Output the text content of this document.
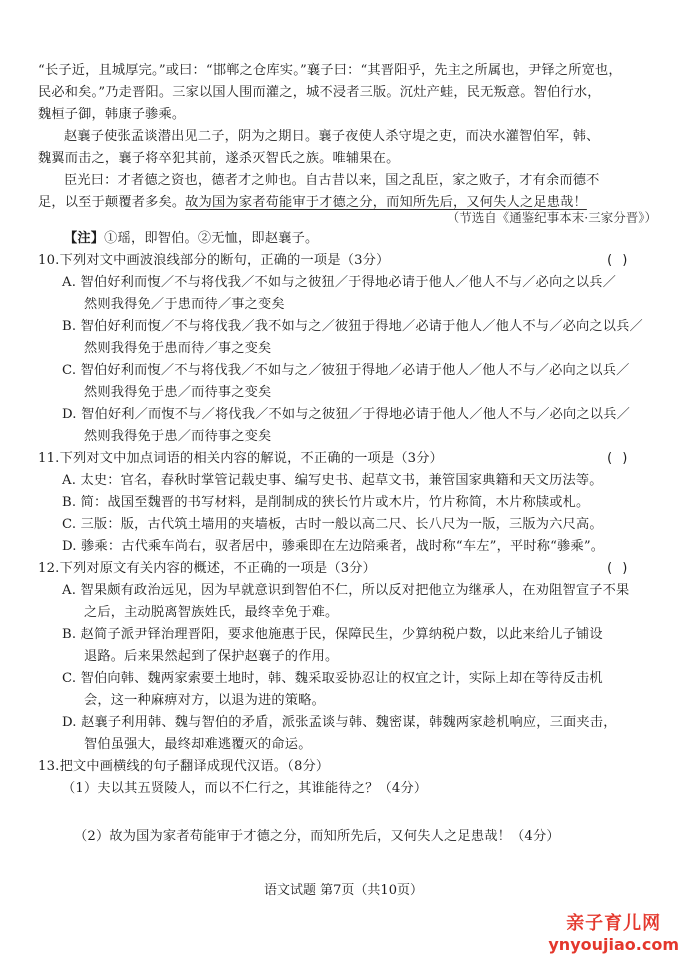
“长子近，且城厚完。”或曰：“邯郸之仓库实。”襄子曰：“其晋阳乎，先主之所属也，尹铎之所宽也，
民必和矣。”乃走晋阳。三家以国人围而灌之，城不浸者三版。沉灶产蛙，民无叛意。智伯行水，
魏桓子御，韩康子骖乘。
赵襄子使张孟谈潜出见二子，阴为之期日。襄子夜使人杀守堤之吏，而决水灌智伯军，韩、
魏翼而击之，襄子将卒犯其前，遂杀灭智氏之族。唯辅果在。
臣光曰：才者德之资也，德者才之帅也。自古昔以来，国之乱臣，家之败子，才有余而德不
足，以至于颠覆者多矣。故为国为家者苟能审于才德之分，而知所先后，又何失人之足患哉！
（节选自《通鉴纪事本末·三家分晋》）
【注】①瑶，即智伯。②无恤，即赵襄子。
10.下列对文中画波浪线部分的断句，正确的一项是（3分）	( )
A. 智伯好利而愎／不与将伐我／不如与之彼狃／于得地必请于他人／他人不与／必向之以兵／
然则我得免／于患而待／事之变矣
B. 智伯好利而愎／不与将伐我／我不如与之／彼狃于得地／必请于他人／他人不与／必向之以兵／
然则我得免于患而待／事之变矣
C. 智伯好利而愎／不与将伐我／不如与之／彼狃于得地／必请于他人／他人不与／必向之以兵／
然则我得免于患／而待事之变矣
D. 智伯好利／而愎不与／将伐我／不如与之彼狃／于得地必请于他人／他人不与／必向之以兵／
然则我得免于患／而待事之变矣
11.下列对文中加点词语的相关内容的解说，不正确的一项是（3分）	( )
A. 太史：官名，春秋时掌管记载史事、编写史书、起草文书，兼管国家典籍和天文历法等。
B. 简：战国至魏晋的书写材料，是削制成的狭长竹片或木片，竹片称简，木片称牍或札。
C. 三版：版，古代筑土墙用的夹墙板，古时一般以高二尺、长八尺为一版，三版为六尺高。
D. 骖乘：古代乘车尚右，驭者居中，骖乘即在左边陪乘者，战时称“车左”，平时称“骖乘”。
12.下列对原文有关内容的概述，不正确的一项是（3分）	( )
A. 智果颇有政治远见，因为早就意识到智伯不仁，所以反对把他立为继承人，在劝阻智宣子不果
之后，主动脱离智族姓氏，最终幸免于难。
B. 赵简子派尹铎治理晋阳，要求他施惠于民，保障民生，少算纳税户数，以此来给儿子铺设
退路。后来果然起到了保护赵襄子的作用。
C. 智伯向韩、魏两家索要土地时，韩、魏采取妥协忍让的权宜之计，实际上却在等待反击机
会，这一种麻痹对方，以退为进的策略。
D. 赵襄子利用韩、魏与智伯的矛盾，派张孟谈与韩、魏密谋，韩魏两家趁机响应，三面夹击，
智伯虽强大，最终却难逃覆灭的命运。
13.把文中画横线的句子翻译成现代汉语。（8分）
（1）夫以其五贤陵人，而以不仁行之，其谁能待之？（4分）
（2）故为国为家者苟能审于才德之分，而知所先后，又何失人之足患哉！（4分）
语文试题 第7页（共10页）
亲子育儿网
ynyoujiao.com
